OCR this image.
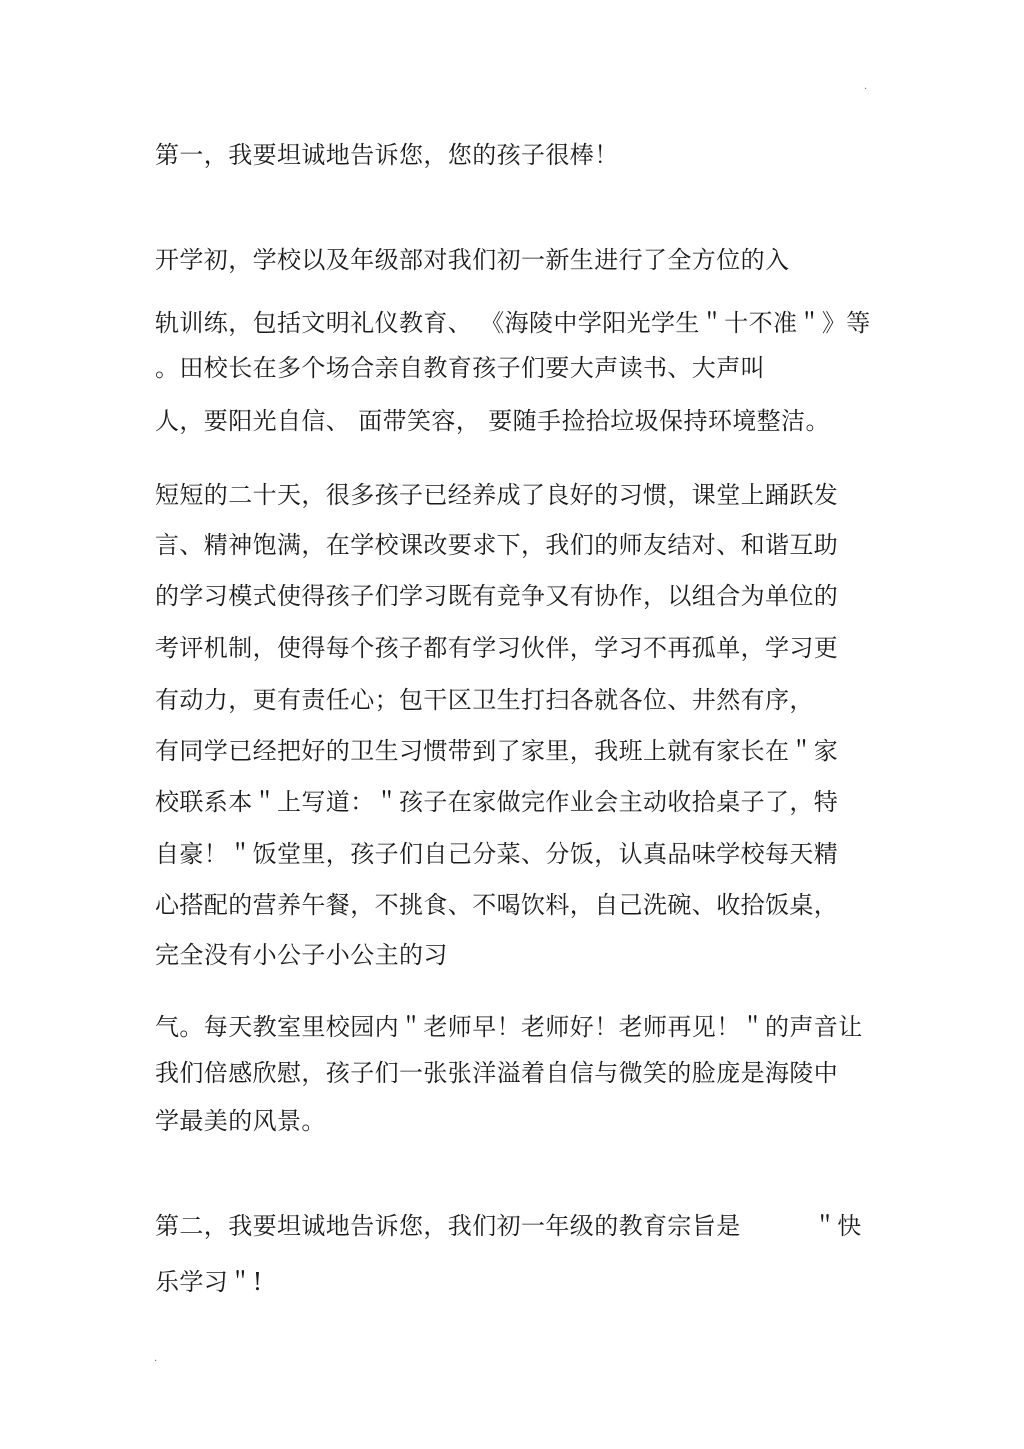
.
第一，我要坦诚地告诉您，您的孩子很棒！
开学初，学校以及年级部对我们初一新生进行了全方位的入
轨训练，包括文明礼仪教育、 《海陵中学阳光学生＂十不准＂》等
。田校长在多个场合亲自教育孩子们要大声读书、大声叫
人，要阳光自信、 面带笑容， 要随手捡拾垃圾保持环境整洁。
短短的二十天，很多孩子已经养成了良好的习惯，课堂上踊跃发
言、精神饱满，在学校课改要求下，我们的师友结对、和谐互助
的学习模式使得孩子们学习既有竞争又有协作，以组合为单位的
考评机制，使得每个孩子都有学习伙伴，学习不再孤单，学习更
有动力，更有责任心；包干区卫生打扫各就各位、井然有序，
有同学已经把好的卫生习惯带到了家里，我班上就有家长在＂家
校联系本＂上写道：＂孩子在家做完作业会主动收拾桌子了，特
自豪！＂饭堂里，孩子们自己分菜、分饭，认真品味学校每天精
心搭配的营养午餐，不挑食、不喝饮料，自己洗碗、收拾饭桌，
完全没有小公子小公主的习
气。每天教室里校园内＂老师早！老师好！老师再见！＂的声音让
我们倍感欣慰，孩子们一张张洋溢着自信与微笑的脸庞是海陵中
学最美的风景。
第二，我要坦诚地告诉您，我们初一年级的教育宗旨是         ＂快
乐学习＂!
.
